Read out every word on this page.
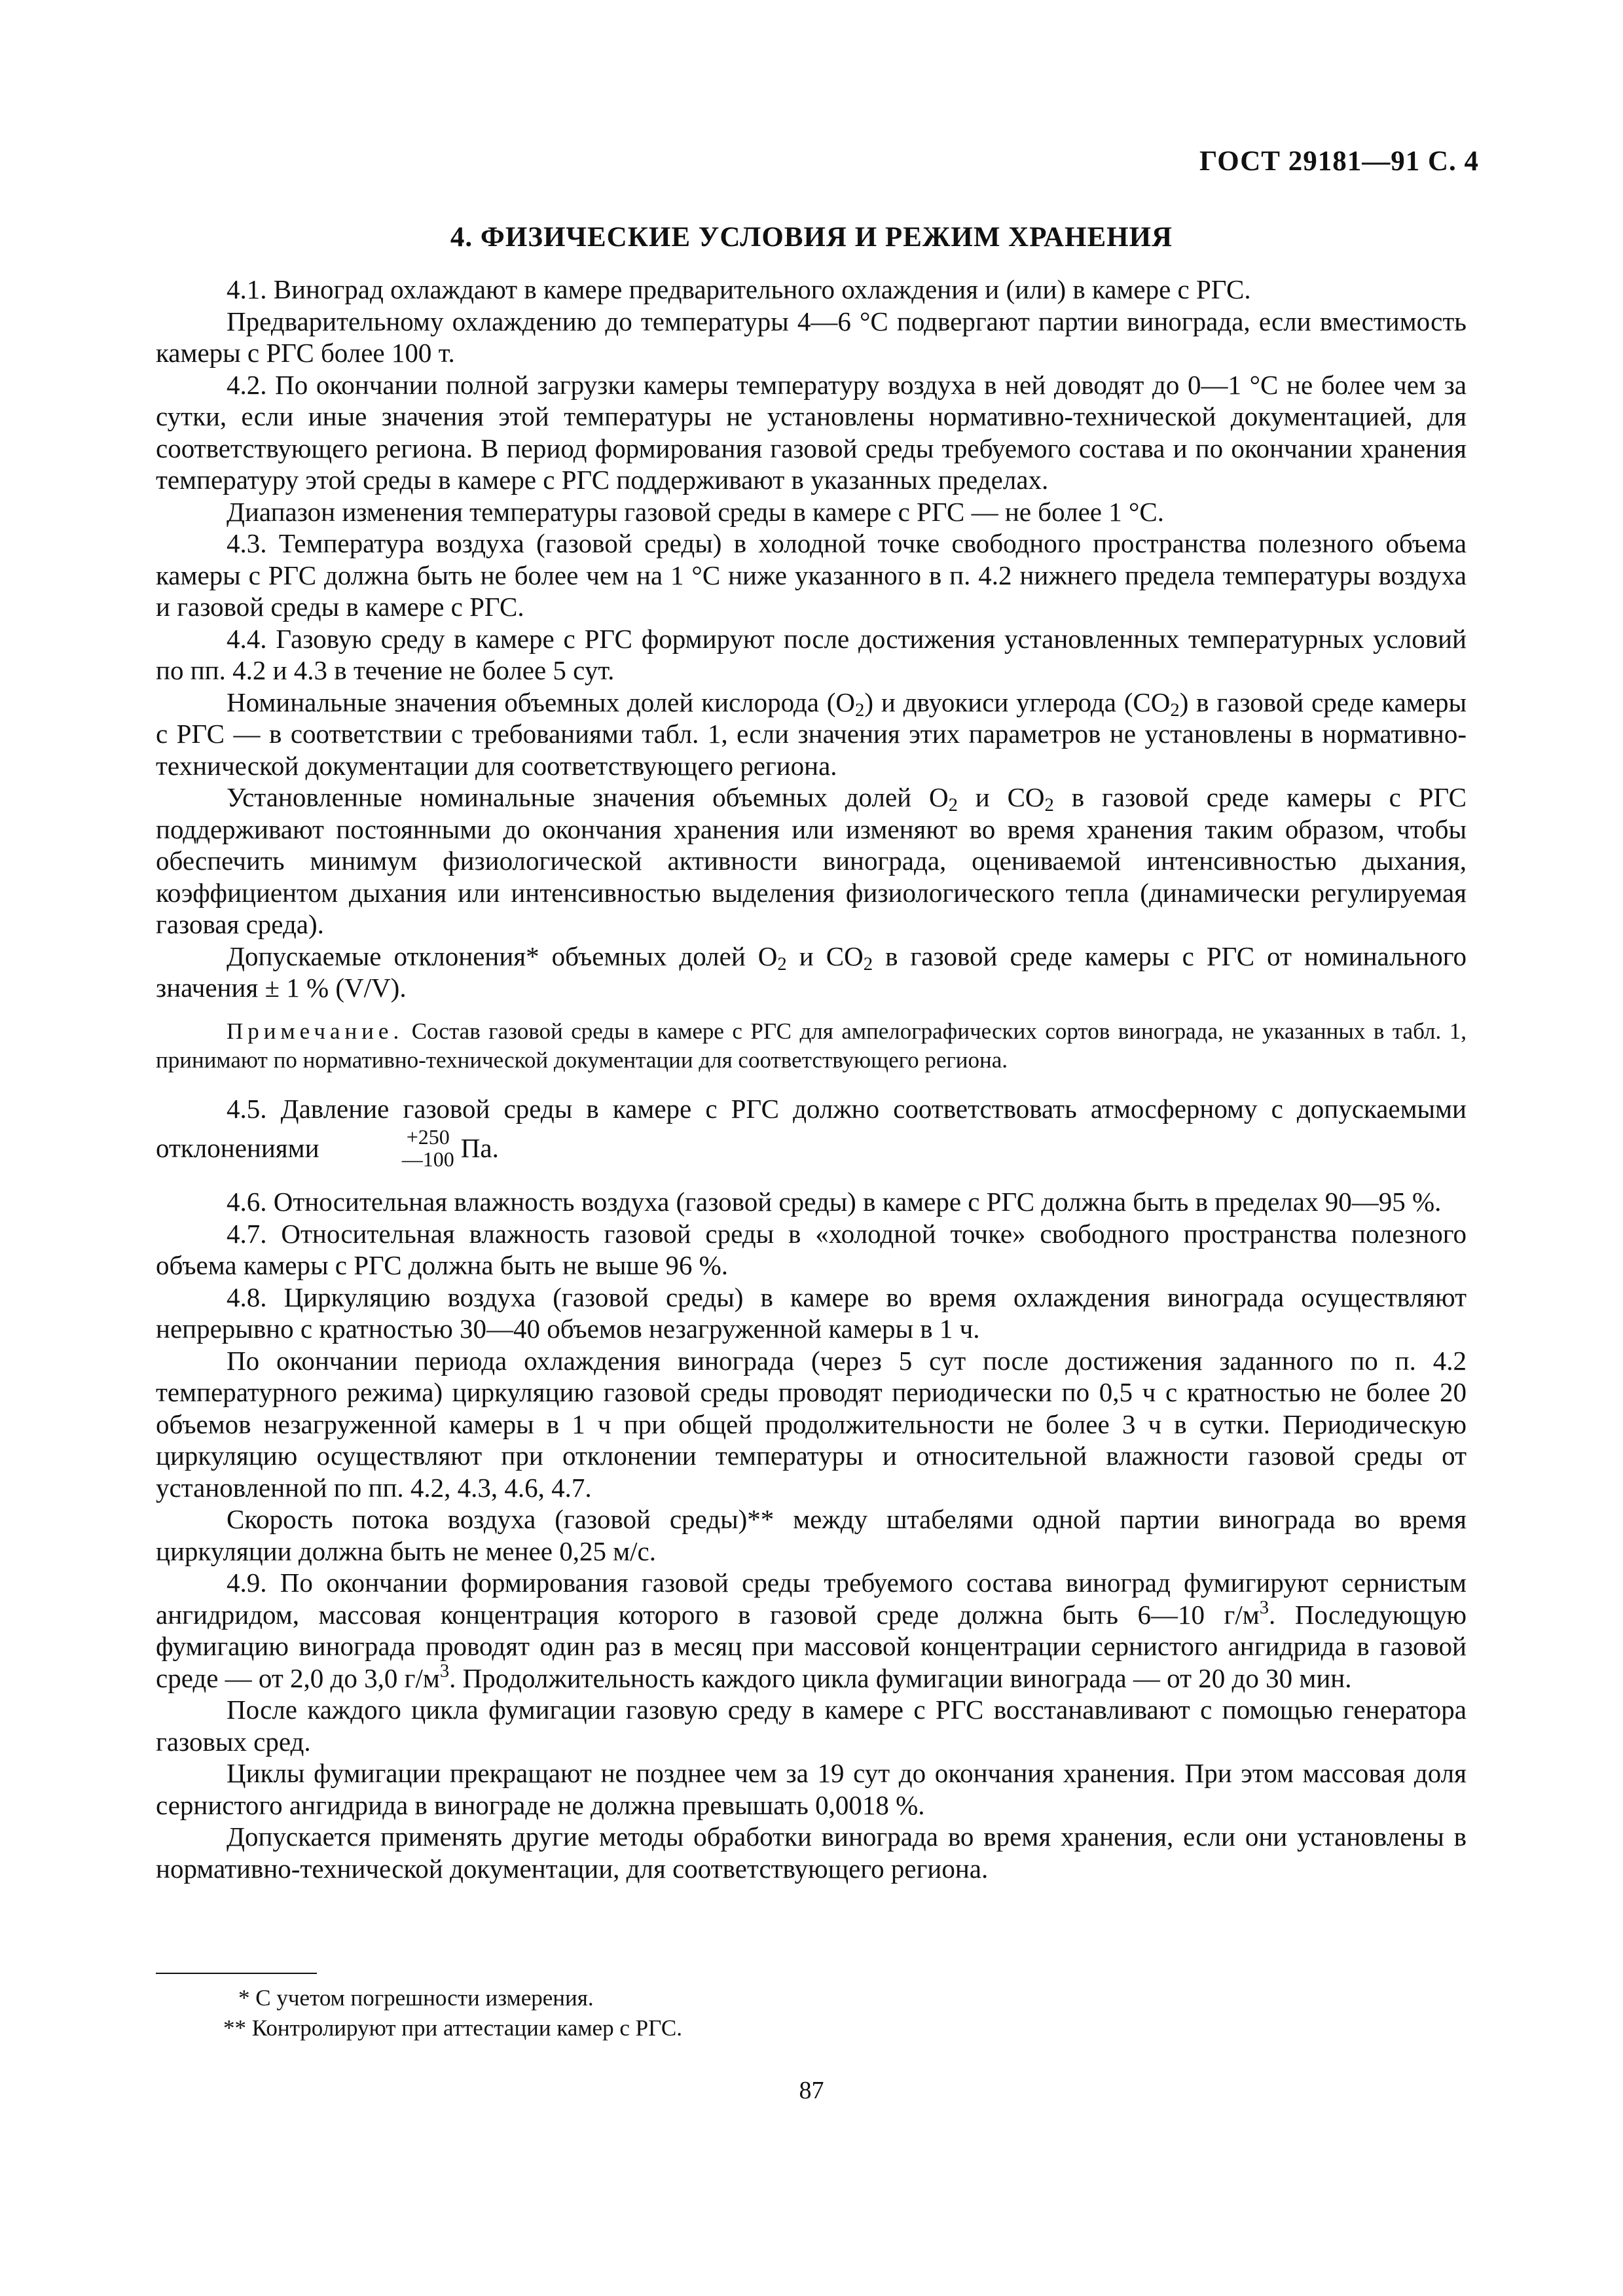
ГОСТ 29181—91 С. 4
4. ФИЗИЧЕСКИЕ УСЛОВИЯ И РЕЖИМ ХРАНЕНИЯ

4.1. Виноград охлаждают в камере предварительного охлаждения и (или) в камере с РГС.

Предварительному охлаждению до температуры 4—6 °С подвергают партии винограда, если вместимость камеры с РГС более 100 т.

4.2. По окончании полной загрузки камеры температуру воздуха в ней доводят до 0—1 °С не более чем за сутки, если иные значения этой температуры не установлены нормативно-технической документацией, для соответствующего региона. В период формирования газовой среды требуемого состава и по окончании хранения температуру этой среды в камере с РГС поддерживают в указанных пределах.

Диапазон изменения температуры газовой среды в камере с РГС — не более 1 °С.

4.3. Температура воздуха (газовой среды) в холодной точке свободного пространства полезного объема камеры с РГС должна быть не более чем на 1 °С ниже указанного в п. 4.2 нижнего предела температуры воздуха и газовой среды в камере с РГС.

4.4. Газовую среду в камере с РГС формируют после достижения установленных температурных условий по пп. 4.2 и 4.3 в течение не более 5 сут.

Номинальные значения объемных долей кислорода $(O_2)$ и двуокиси углерода $(CO_2)$ в газовой среде камеры с РГС — в соответствии с требованиями табл. 1, если значения этих параметров не установлены в нормативно-технической документации для соответствующего региона.

Установленные номинальные значения объемных долей $O_2$ и $CO_2$ в газовой среде камеры с РГС поддерживают постоянными до окончания хранения или изменяют во время хранения таким образом, чтобы обеспечить минимум физиологической активности винограда, оцениваемой интенсивностью дыхания, коэффициентом дыхания или интенсивностью выделения физиологического тепла (динамически регулируемая газовая среда).

Допускаемые отклонения* объемных долей $O_2$ и $CO_2$ в газовой среде камеры с РГС от номинального значения ± 1 % (V/V).

Примечание. Состав газовой среды в камере с РГС для ампелографических сортов винограда, не указанных в табл. 1, принимают по нормативно-технической документации для соответствующего региона.

4.5. Давление газовой среды в камере с РГС должно соответствовать атмосферному с допускаемыми отклонениями	+250
—100 Па.

4.6. Относительная влажность воздуха (газовой среды) в камере с РГС должна быть в пределах 90—95 %.

4.7. Относительная влажность газовой среды в «холодной точке» свободного пространства полезного объема камеры с РГС должна быть не выше 96 %.

4.8. Циркуляцию воздуха (газовой среды) в камере во время охлаждения винограда осуществляют непрерывно с кратностью 30—40 объемов незагруженной камеры в 1 ч.

По окончании периода охлаждения винограда (через 5 сут после достижения заданного по п. 4.2 температурного режима) циркуляцию газовой среды проводят периодически по 0,5 ч с кратностью не более 20 объемов незагруженной камеры в 1 ч при общей продолжительности не более 3 ч в сутки. Периодическую циркуляцию осуществляют при отклонении температуры и относительной влажности газовой среды от установленной по пп. 4.2, 4.3, 4.6, 4.7.

Скорость потока воздуха (газовой среды)** между штабелями одной партии винограда во время циркуляции должна быть не менее 0,25 м/с.

4.9. По окончании формирования газовой среды требуемого состава виноград фумигируют сернистым ангидридом, массовая концентрация которого в газовой среде должна быть 6—10 $г/м^3$. Последующую фумигацию винограда проводят один раз в месяц при массовой концентрации сернистого ангидрида в газовой среде — от 2,0 до 3,0 $г/м^3$. Продолжительность каждого цикла фумигации винограда — от 20 до 30 мин.

После каждого цикла фумигации газовую среду в камере с РГС восстанавливают с помощью генератора газовых сред.

Циклы фумигации прекращают не позднее чем за 19 сут до окончания хранения. При этом массовая доля сернистого ангидрида в винограде не должна превышать 0,0018 %.

Допускается применять другие методы обработки винограда во время хранения, если они установлены в нормативно-технической документации, для соответствующего региона.

* С учетом погрешности измерения.
** Контролируют при аттестации камер с РГС.
87
